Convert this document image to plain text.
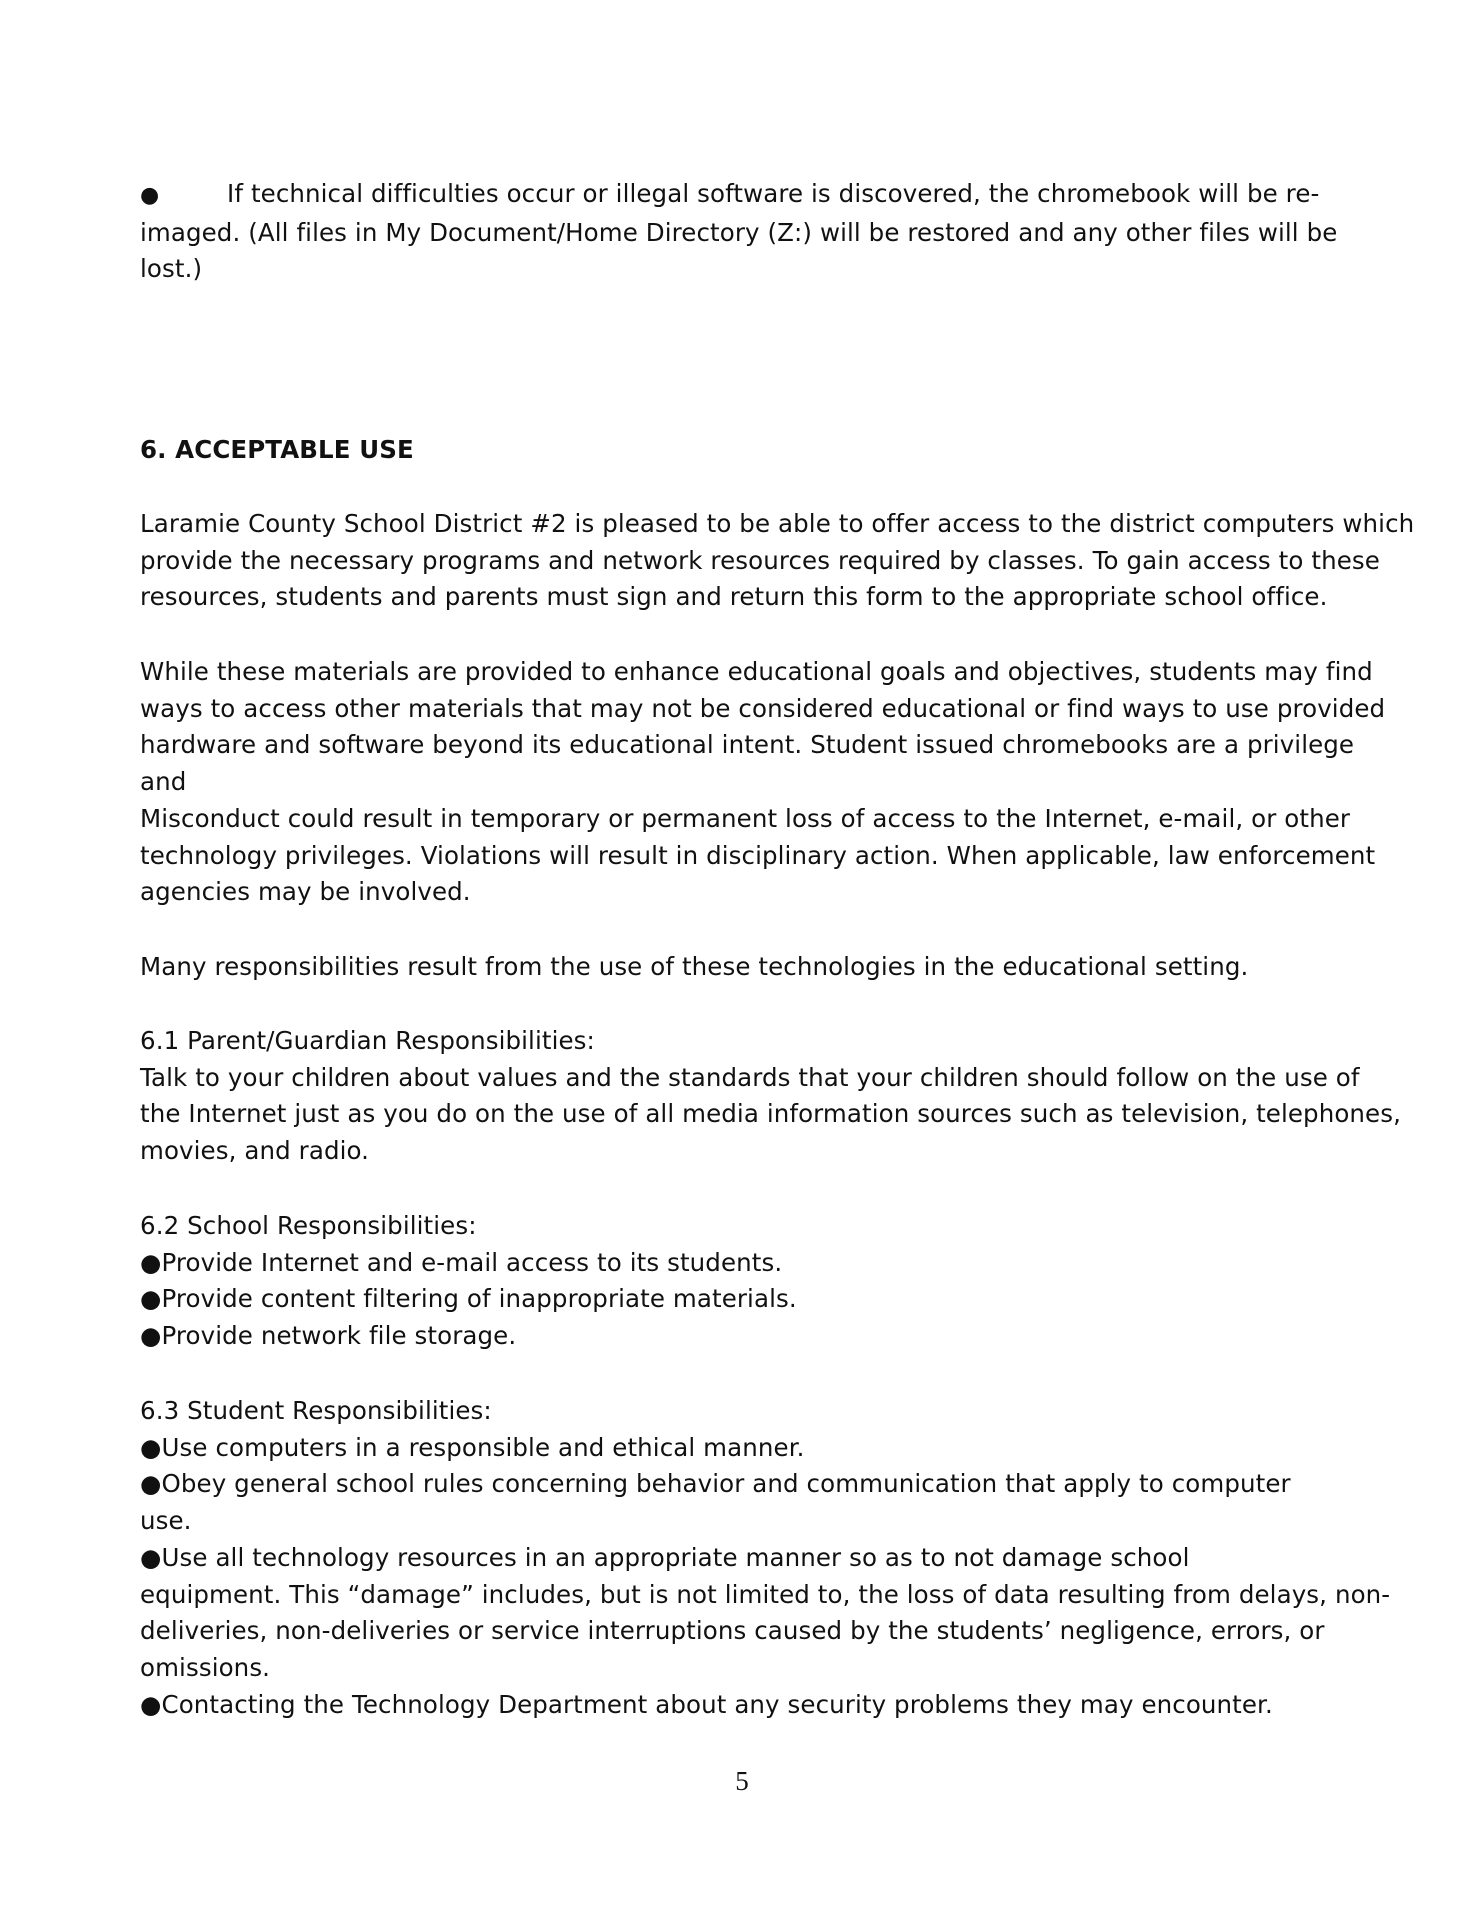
●	If technical difficulties occur or illegal software is discovered, the chromebook will be re-
imaged. (All files in My Document/Home Directory (Z:) will be restored and any other files will be
lost.)
6. ACCEPTABLE USE
Laramie County School District #2 is pleased to be able to offer access to the district computers which
provide the necessary programs and network resources required by classes. To gain access to these
resources, students and parents must sign and return this form to the appropriate school office.
While these materials are provided to enhance educational goals and objectives, students may find
ways to access other materials that may not be considered educational or find ways to use provided
hardware and software beyond its educational intent. Student issued chromebooks are a privilege
and
Misconduct could result in temporary or permanent loss of access to the Internet, e-mail, or other
technology privileges. Violations will result in disciplinary action. When applicable, law enforcement
agencies may be involved.
Many responsibilities result from the use of these technologies in the educational setting.
6.1 Parent/Guardian Responsibilities:
Talk to your children about values and the standards that your children should follow on the use of
the Internet just as you do on the use of all media information sources such as television, telephones,
movies, and radio.
6.2 School Responsibilities:
●Provide Internet and e-mail access to its students.
●Provide content filtering of inappropriate materials.
●Provide network file storage.
6.3 Student Responsibilities:
●Use computers in a responsible and ethical manner.
●Obey general school rules concerning behavior and communication that apply to computer
use.
●Use all technology resources in an appropriate manner so as to not damage school
equipment. This “damage” includes, but is not limited to, the loss of data resulting from delays, non-
deliveries, non-deliveries or service interruptions caused by the students’ negligence, errors, or
omissions.
●Contacting the Technology Department about any security problems they may encounter.
5
